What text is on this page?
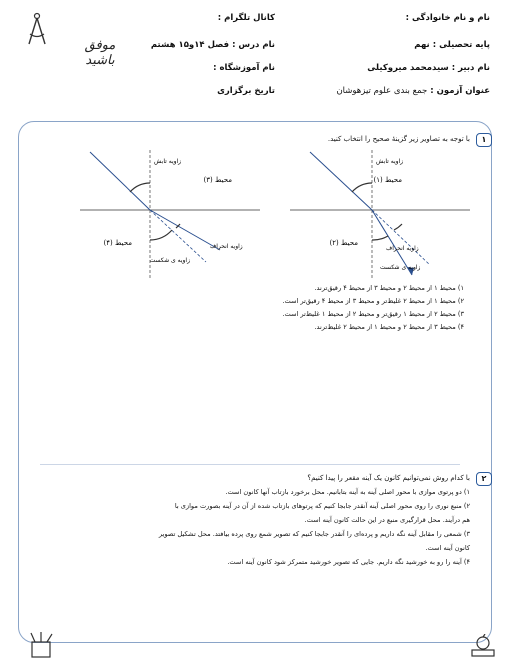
نام و نام خانوادگی :
پایه تحصیلی : نهم
نام دبیر : سیدمحمد میروکیلی
عنوان آزمون : جمع بندی علوم تیزهوشان
کانال تلگرام :
نام درس : فصل ۱۴و۱۵ هشتم
نام آموزشگاه :
تاریخ برگزاری
موفق
باشید
۱
با توجه به تصاویر زیر گزینهٔ صحیح را انتخاب کنید.
زاویه تابش
زاویه انحراف
زاویه ی شکست
محیط (۱)
محیط (۲)
زاویه تابش
زاویه انحراف
زاویه ی شکست
محیط (۳)
محیط (۴)
۱) محیط ۱ از محیط ۲ و محیط ۳ از محیط ۴ رقیق‌ترند.
۲) محیط ۱ از محیط ۲ غلیظ‌تر و محیط ۳ از محیط ۴ رقیق‌تر است.
۳) محیط ۲ از محیط ۱ رقیق‌تر و محیط ۲ از محیط ۱ غلیظ‌تر است.
۴) محیط ۳ از محیط ۲ و محیط ۱ از محیط ۲ غلیظ‌ترند.
۲
با کدام روش نمی‌توانیم کانون یک آینه مقعر را پیدا کنیم؟
۱) دو پرتوی موازی با محور اصلی آینه به آینه بتابانیم. محل برخورد بازتاب آنها کانون است.
۲) منبع نوری را روی محور اصلی آینه آنقدر جابجا کنیم که پرتوهای بازتاب شده از آن در آینه بصورت موازی با
هم درآیند. محل قرارگیری منبع در این حالت کانون آینه است.
۳) شمعی را مقابل آینه نگه داریم و پرده‌ای را آنقدر جابجا کنیم که تصویر شمع روی پرده بیافتد. محل تشکیل تصویر
کانون آینه است.
۴) آینه را رو به خورشید نگه داریم. جایی که تصویر خورشید متمرکز شود کانون آینه است.
